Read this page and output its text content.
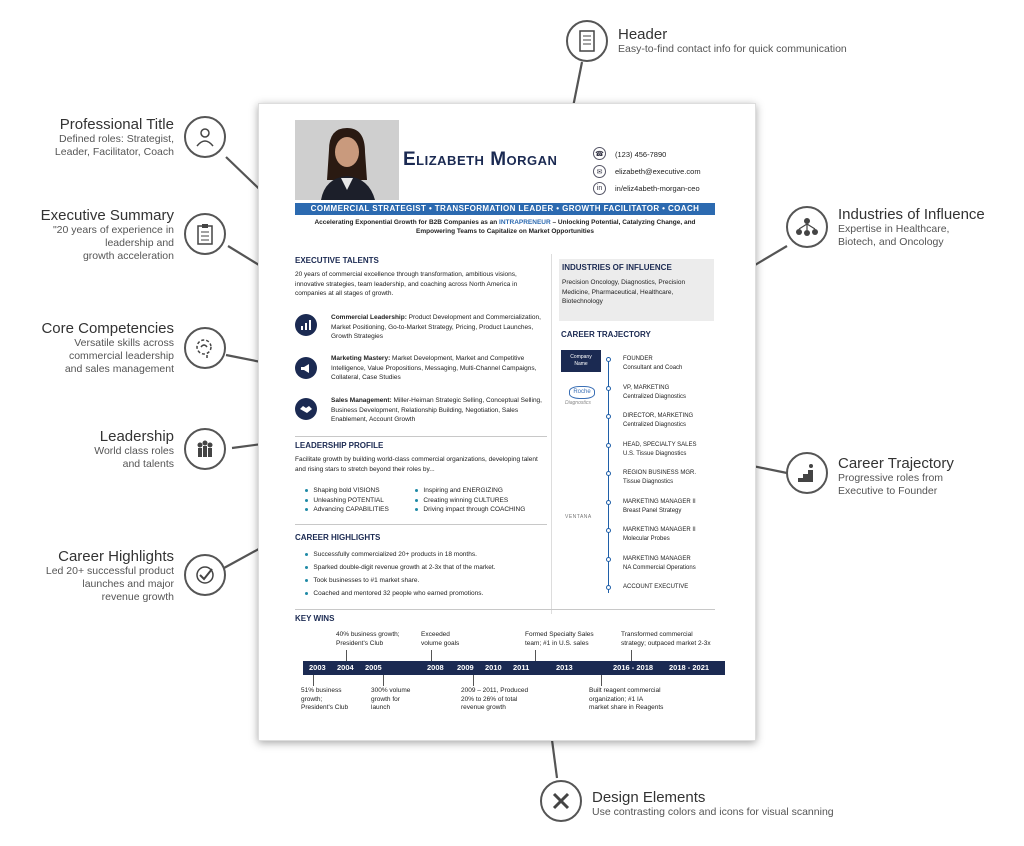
Header
Easy-to-find contact info for quick communication
Professional Title
Defined roles: Strategist,
Leader, Facilitator, Coach
Executive Summary
"20 years of experience in
leadership and
growth acceleration
Core Competencies
Versatile skills across
commercial leadership
and sales management
Leadership
World class roles
and talents
Career Highlights
Led 20+ successful product
launches and major
revenue growth
Industries of Influence
Expertise in Healthcare,
Biotech, and Oncology
Career Trajectory
Progressive roles from
Executive to Founder
Design Elements
Use contrasting colors and icons for visual scanning
Elizabeth Morgan	☎ (123) 456-7890
✉	elizabeth@executive.com
in	in/eliz4abeth-morgan-ceo
COMMERCIAL STRATEGIST • TRANSFORMATION LEADER • GROWTH FACILITATOR • COACH
Accelerating Exponential Growth for B2B Companies as an INTRAPRENEUR – Unlocking Potential, Catalyzing Change, and Empowering Teams to Capitalize on Market Opportunities
EXECUTIVE TALENTS
20 years of commercial excellence through transformation, ambitious visions, innovative strategies, team leadership, and coaching across North America in companies at all stages of growth.
Commercial Leadership: Product Development and Commercialization, Market Positioning, Go-to-Market Strategy, Pricing, Product Launches, Growth Strategies
Marketing Mastery: Market Development, Market and Competitive Intelligence, Value Propositions, Messaging, Multi-Channel Campaigns, Collateral, Case Studies
Sales Management: Miller-Heiman Strategic Selling, Conceptual Selling, Business Development, Relationship Building, Negotiation, Sales Enablement, Account Growth
LEADERSHIP PROFILE
Facilitate growth by building world-class commercial organizations, developing talent and rising stars to stretch beyond their roles by...
Shaping bold VISIONS
Unleashing POTENTIAL
Advancing CAPABILITIES
Inspiring and ENERGIZING
Creating winning CULTURES
Driving impact through COACHING
CAREER HIGHLIGHTS
Successfully commercialized 20+ products in 18 months.
Sparked double-digit revenue growth at 2-3x that of the market.
Took businesses to #1 market share.
Coached and mentored 32 people who earned promotions.
INDUSTRIES OF INFLUENCE
Precision Oncology, Diagnostics, Precision Medicine, Pharmaceutical, Healthcare, Biotechnology
CAREER TRAJECTORY
Company
Name
Roche
Diagnostics
VENTANA
FOUNDER
Consultant and Coach
VP, MARKETING
Centralized Diagnostics
DIRECTOR, MARKETING
Centralized Diagnostics
HEAD, SPECIALTY SALES
U.S. Tissue Diagnostics
REGION BUSINESS MGR.
Tissue Diagnostics
MARKETING MANAGER II
Breast Panel Strategy
MARKETING MANAGER II
Molecular Probes
MARKETING MANAGER
NA Commercial Operations
ACCOUNT EXECUTIVE
KEY WINS
2003 2004 2005	2008 2009 2010 2011	2013	2016 - 2018 2018 - 2021
40% business growth;
President's Club
Exceeded
volume goals
Formed Specialty Sales
team; #1 in U.S. sales
Transformed commercial
strategy; outpaced market 2-3x
51% business
growth;
President's Club
300% volume
growth for
launch
2009 – 2011, Produced
20% to 26% of total
revenue growth
Built reagent commercial
organization; #1 IA
market share in Reagents
